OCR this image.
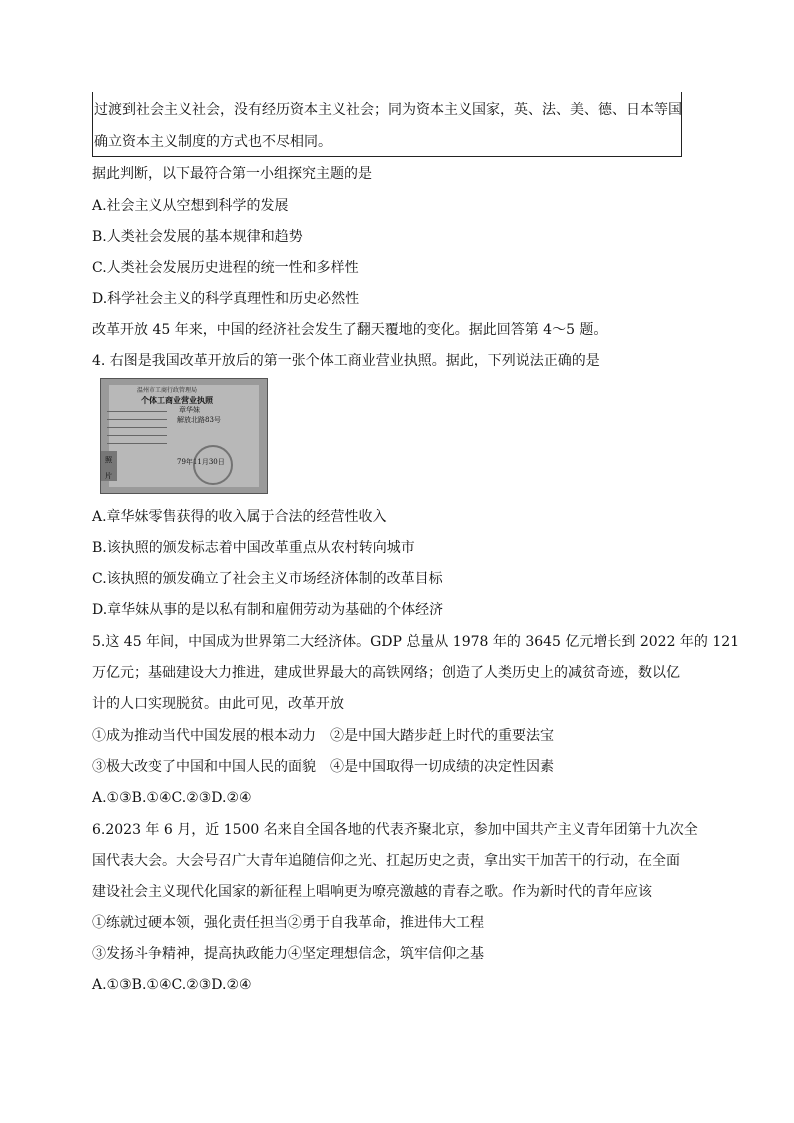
过渡到社会主义社会，没有经历资本主义社会；同为资本主义国家，英、法、美、德、日本等国
确立资本主义制度的方式也不尽相同。
据此判断，以下最符合第一小组探究主题的是
A.社会主义从空想到科学的发展
B.人类社会发展的基本规律和趋势
C.人类社会发展历史进程的统一性和多样性
D.科学社会主义的科学真理性和历史必然性
改革开放 45 年来，中国的经济社会发生了翻天覆地的变化。据此回答第 4～5 题。
4. 右图是我国改革开放后的第一张个体工商业营业执照。据此，下列说法正确的是
温州市工商行政管理局
个体工商业营业执照
章华妹
解放北路83号
79年11月30日
照
片
A.章华妹零售获得的收入属于合法的经营性收入
B.该执照的颁发标志着中国改革重点从农村转向城市
C.该执照的颁发确立了社会主义市场经济体制的改革目标
D.章华妹从事的是以私有制和雇佣劳动为基础的个体经济
5.这 45 年间，中国成为世界第二大经济体。GDP 总量从 1978 年的 3645 亿元增长到 2022 年的 121
万亿元；基础建设大力推进，建成世界最大的高铁网络；创造了人类历史上的减贫奇迹，数以亿
计的人口实现脱贫。由此可见，改革开放
①成为推动当代中国发展的根本动力　②是中国大踏步赶上时代的重要法宝
③极大改变了中国和中国人民的面貌　④是中国取得一切成绩的决定性因素
A.①③B.①④C.②③D.②④
6.2023 年 6 月，近 1500 名来自全国各地的代表齐聚北京，参加中国共产主义青年团第十九次全
国代表大会。大会号召广大青年追随信仰之光、扛起历史之责，拿出实干加苦干的行动，在全面
建设社会主义现代化国家的新征程上唱响更为嘹亮激越的青春之歌。作为新时代的青年应该
①练就过硬本领，强化责任担当②勇于自我革命，推进伟大工程
③发扬斗争精神，提高执政能力④坚定理想信念，筑牢信仰之基
A.①③B.①④C.②③D.②④
